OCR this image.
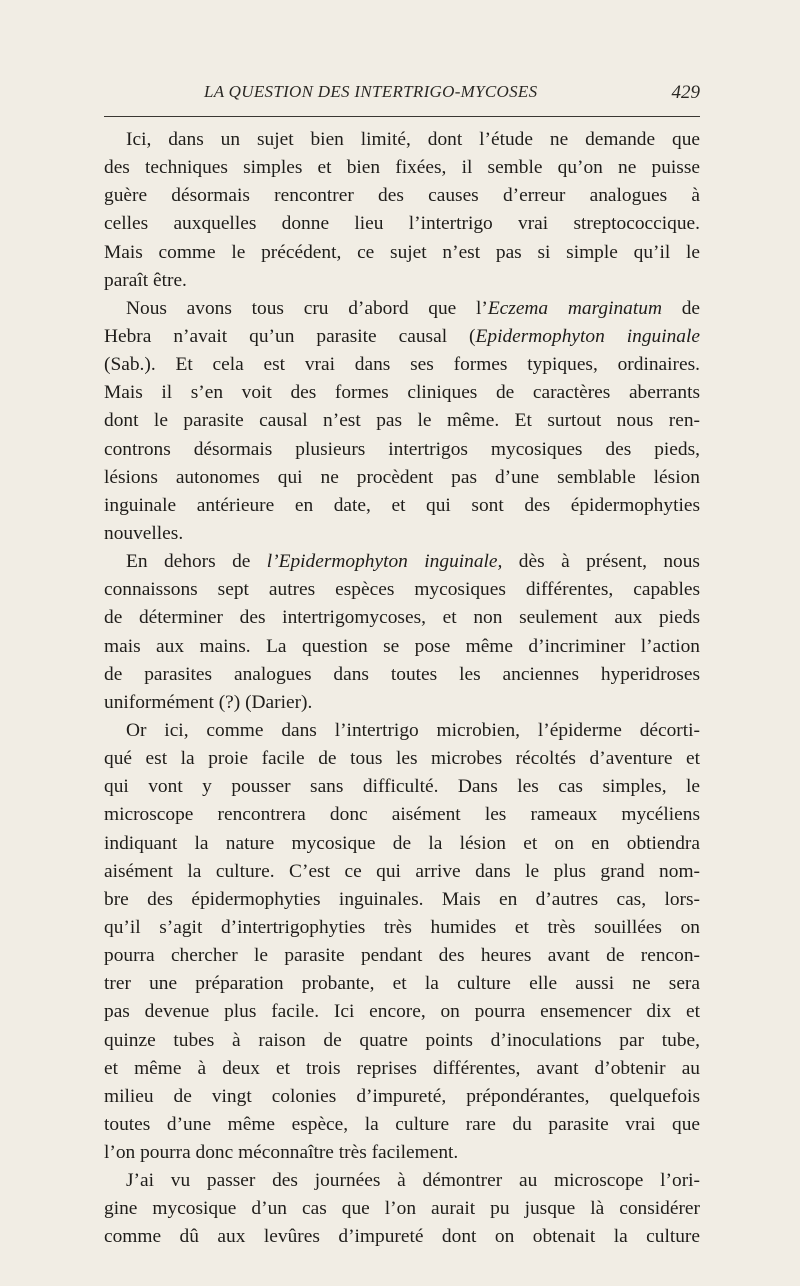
LA QUESTION DES INTERTRIGO-MYCOSES	429
Ici, dans un sujet bien limité, dont l’étude ne demande que
des techniques simples et bien fixées, il semble qu’on ne puisse
guère désormais rencontrer des causes d’erreur analogues à
celles auxquelles donne lieu l’intertrigo vrai streptococcique.
Mais comme le précédent, ce sujet n’est pas si simple qu’il le
paraît être.
Nous avons tous cru d’abord que l’Eczema marginatum de
Hebra n’avait qu’un parasite causal (Epidermophyton inguinale
(Sab.). Et cela est vrai dans ses formes typiques, ordinaires.
Mais il s’en voit des formes cliniques de caractères aberrants
dont le parasite causal n’est pas le même. Et surtout nous ren-
controns désormais plusieurs intertrigos mycosiques des pieds,
lésions autonomes qui ne procèdent pas d’une semblable lésion
inguinale antérieure en date, et qui sont des épidermophyties
nouvelles.
En dehors de l’Epidermophyton inguinale, dès à présent, nous
connaissons sept autres espèces mycosiques différentes, capables
de déterminer des intertrigomycoses, et non seulement aux pieds
mais aux mains. La question se pose même d’incriminer l’action
de parasites analogues dans toutes les anciennes hyperidroses
uniformément (?) (Darier).
Or ici, comme dans l’intertrigo microbien, l’épiderme décorti-
qué est la proie facile de tous les microbes récoltés d’aventure et
qui vont y pousser sans difficulté. Dans les cas simples, le
microscope rencontrera donc aisément les rameaux mycéliens
indiquant la nature mycosique de la lésion et on en obtiendra
aisément la culture. C’est ce qui arrive dans le plus grand nom-
bre des épidermophyties inguinales. Mais en d’autres cas, lors-
qu’il s’agit d’intertrigophyties très humides et très souillées on
pourra chercher le parasite pendant des heures avant de rencon-
trer une préparation probante, et la culture elle aussi ne sera
pas devenue plus facile. Ici encore, on pourra ensemencer dix et
quinze tubes à raison de quatre points d’inoculations par tube,
et même à deux et trois reprises différentes, avant d’obtenir au
milieu de vingt colonies d’impureté, prépondérantes, quelquefois
toutes d’une même espèce, la culture rare du parasite vrai que
l’on pourra donc méconnaître très facilement.
J’ai vu passer des journées à démontrer au microscope l’ori-
gine mycosique d’un cas que l’on aurait pu jusque là considérer
comme dû aux levûres d’impureté dont on obtenait la culture
